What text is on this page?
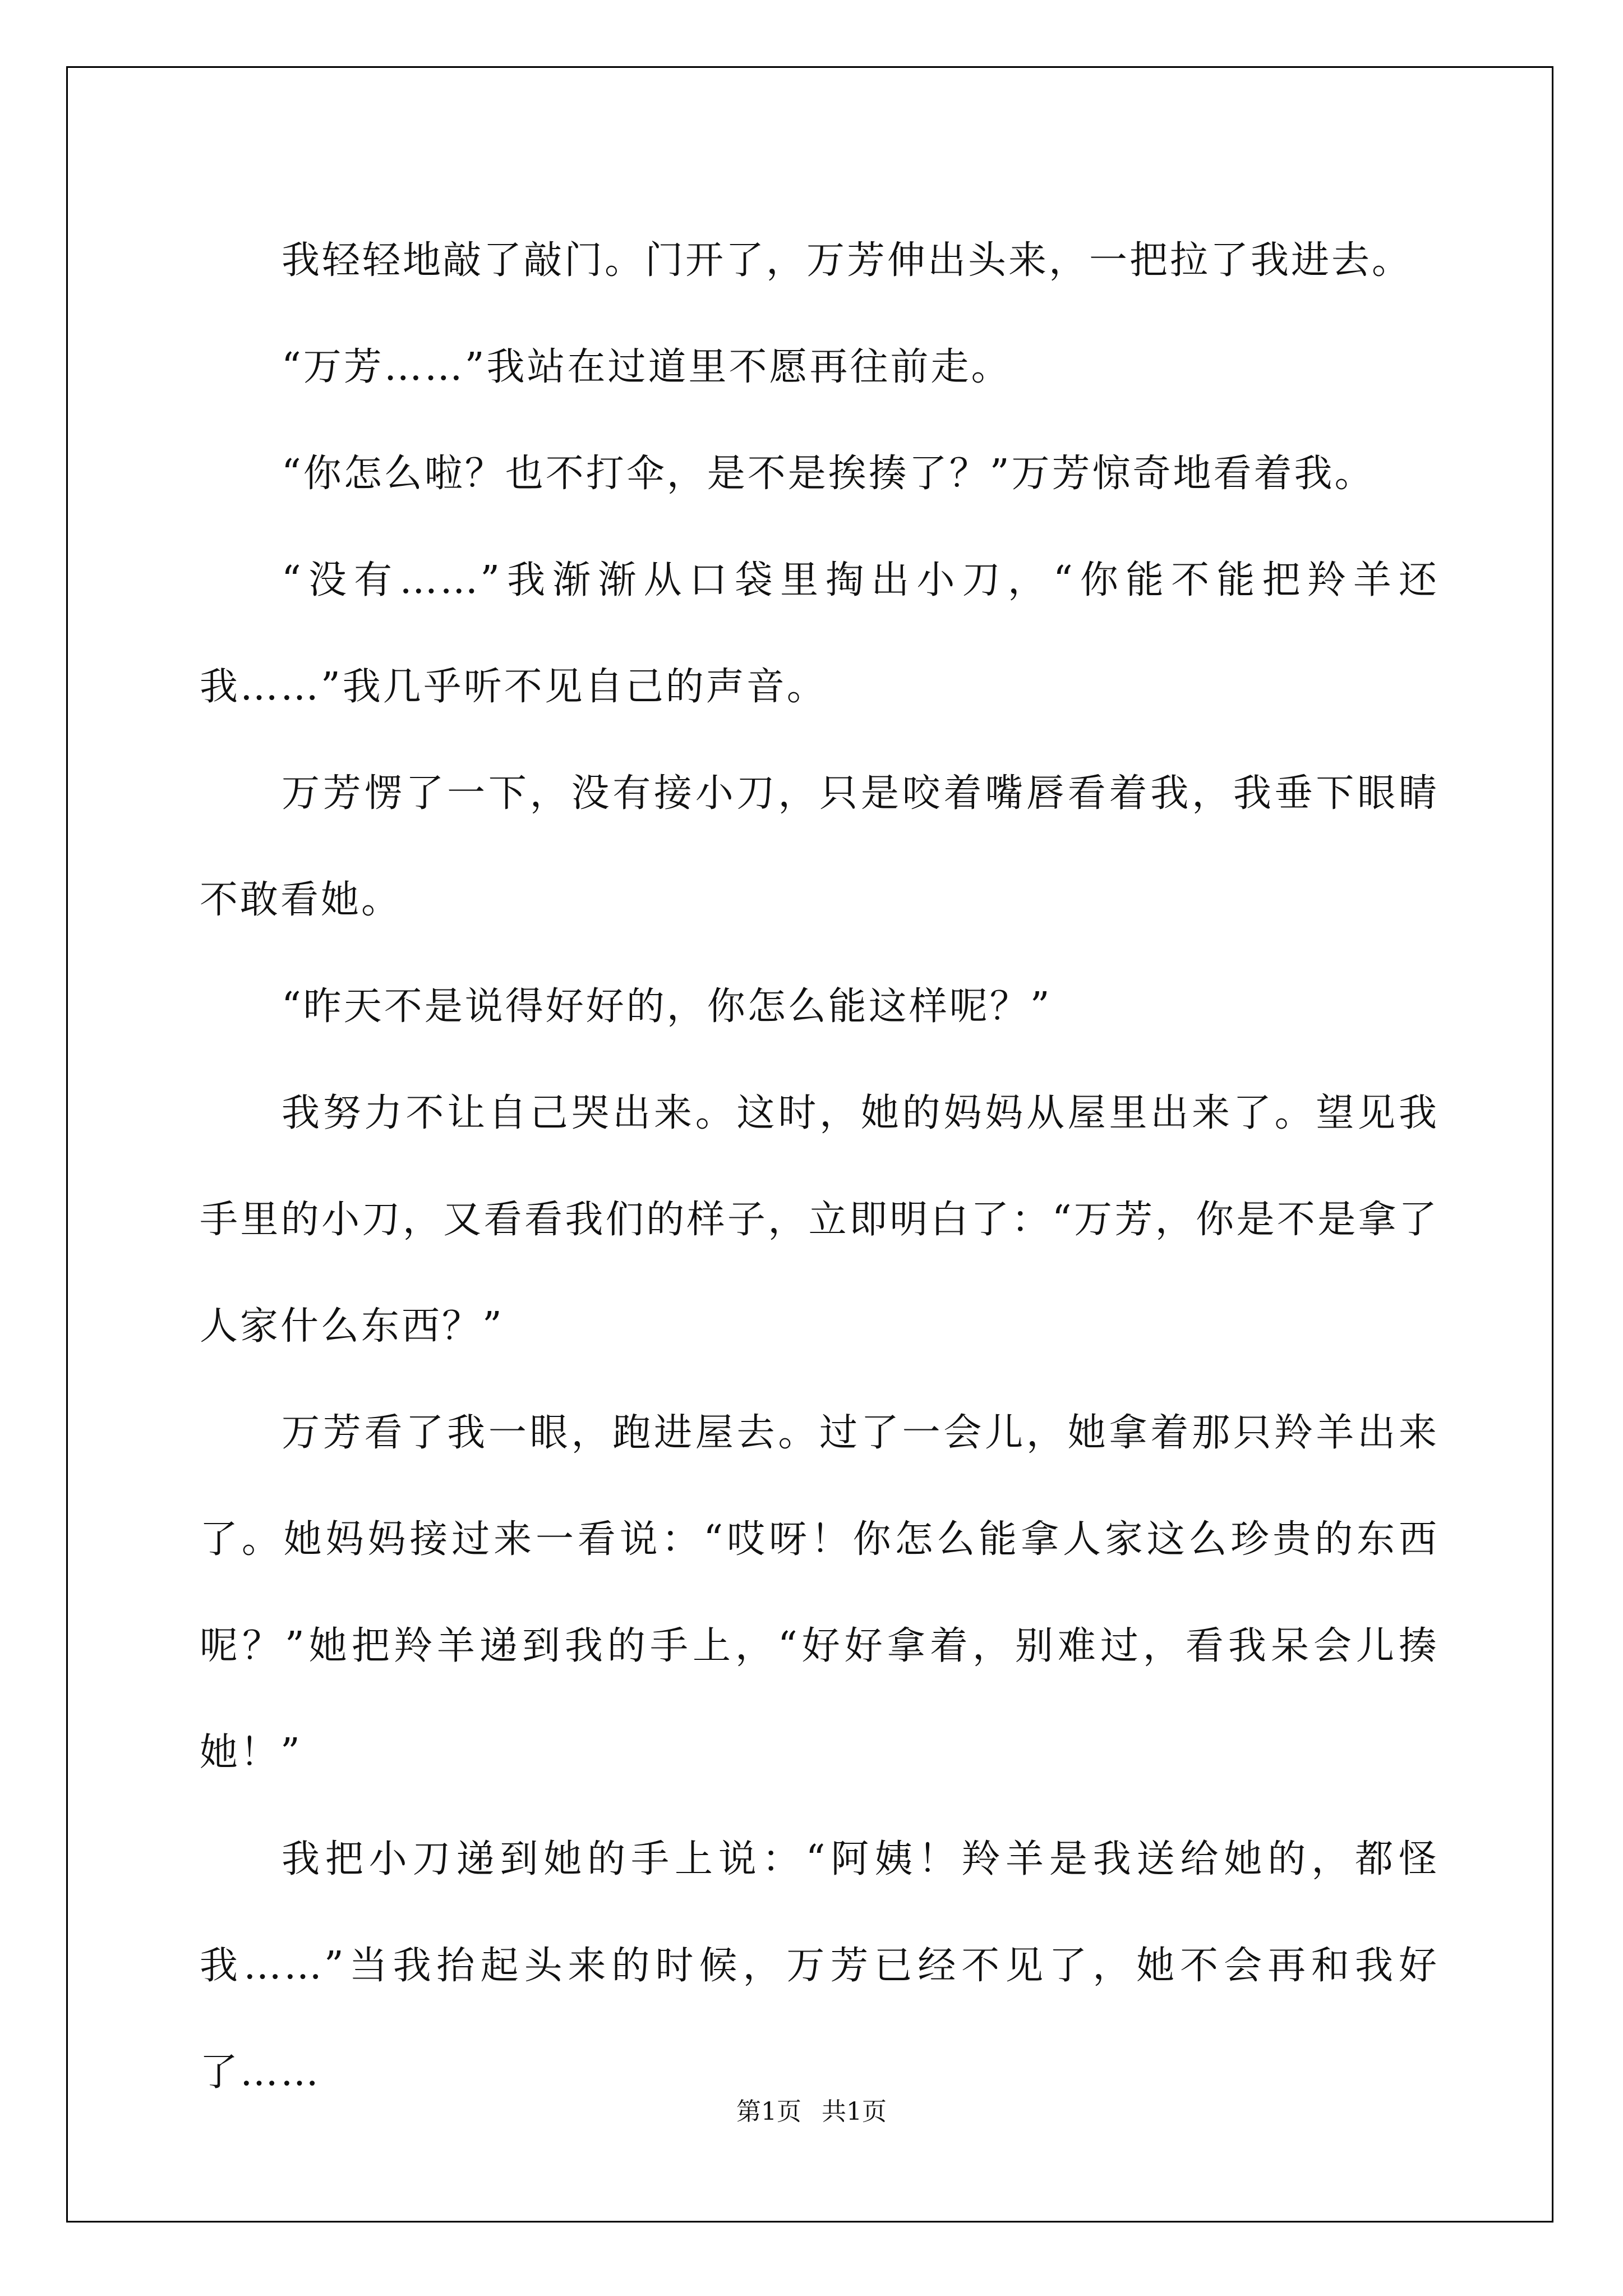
我轻轻地敲了敲门。门开了，万芳伸出头来，一把拉了我进去。

“万芳……”我站在过道里不愿再往前走。

“你怎么啦？也不打伞，是不是挨揍了？”万芳惊奇地看着我。

“没有……”我渐渐从口袋里掏出小刀，“你能不能把羚羊还我……”我几乎听不见自己的声音。

万芳愣了一下，没有接小刀，只是咬着嘴唇看着我，我垂下眼睛不敢看她。

“昨天不是说得好好的，你怎么能这样呢？”

我努力不让自己哭出来。这时，她的妈妈从屋里出来了。望见我手里的小刀，又看看我们的样子，立即明白了：“万芳，你是不是拿了人家什么东西？”

万芳看了我一眼，跑进屋去。过了一会儿，她拿着那只羚羊出来了。她妈妈接过来一看说：“哎呀！你怎么能拿人家这么珍贵的东西呢？”她把羚羊递到我的手上，“好好拿着，别难过，看我呆会儿揍她！”

我把小刀递到她的手上说：“阿姨！羚羊是我送给她的，都怪我……”当我抬起头来的时候，万芳已经不见了，她不会再和我好了……

第1页 共1页
